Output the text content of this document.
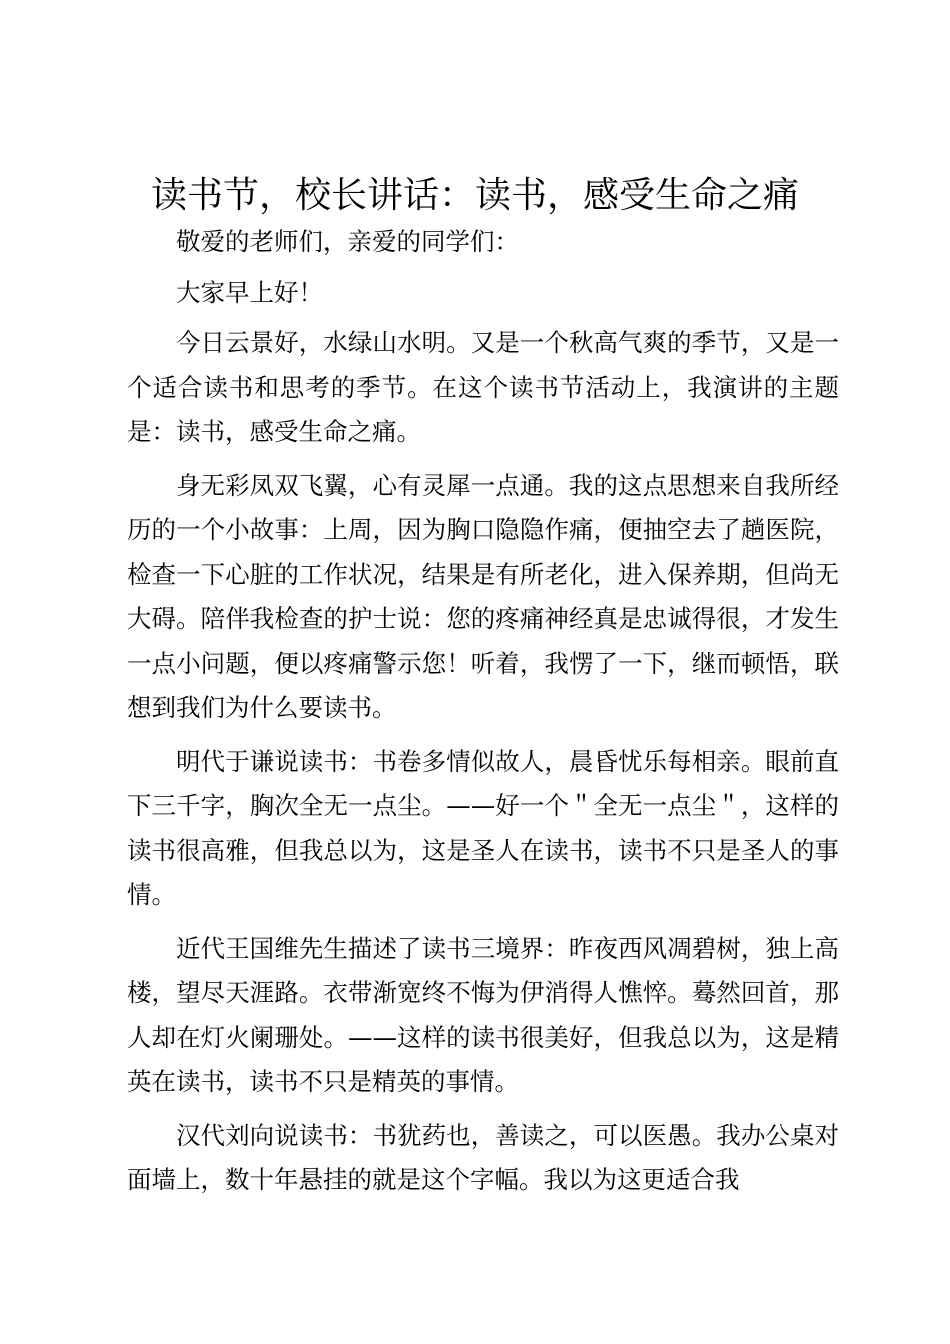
读书节，校长讲话：读书，感受生命之痛

敬爱的老师们，亲爱的同学们：

大家早上好！

今日云景好，水绿山水明。又是一个秋高气爽的季节，又是一个适合读书和思考的季节。在这个读书节活动上，我演讲的主题是：读书，感受生命之痛。

身无彩凤双飞翼，心有灵犀一点通。我的这点思想来自我所经历的一个小故事：上周，因为胸口隐隐作痛，便抽空去了趟医院，检查一下心脏的工作状况，结果是有所老化，进入保养期，但尚无大碍。陪伴我检查的护士说：您的疼痛神经真是忠诚得很，才发生一点小问题，便以疼痛警示您！听着，我愣了一下，继而顿悟，联想到我们为什么要读书。

明代于谦说读书：书卷多情似故人，晨昏忧乐每相亲。眼前直下三千字，胸次全无一点尘。——好一个＂全无一点尘＂，这样的读书很高雅，但我总以为，这是圣人在读书，读书不只是圣人的事情。

近代王国维先生描述了读书三境界：昨夜西风凋碧树，独上高楼，望尽天涯路。衣带渐宽终不悔为伊消得人憔悴。蓦然回首，那人却在灯火阑珊处。——这样的读书很美好，但我总以为，这是精英在读书，读书不只是精英的事情。

汉代刘向说读书：书犹药也，善读之，可以医愚。我办公桌对面墙上，数十年悬挂的就是这个字幅。我以为这更适合我
